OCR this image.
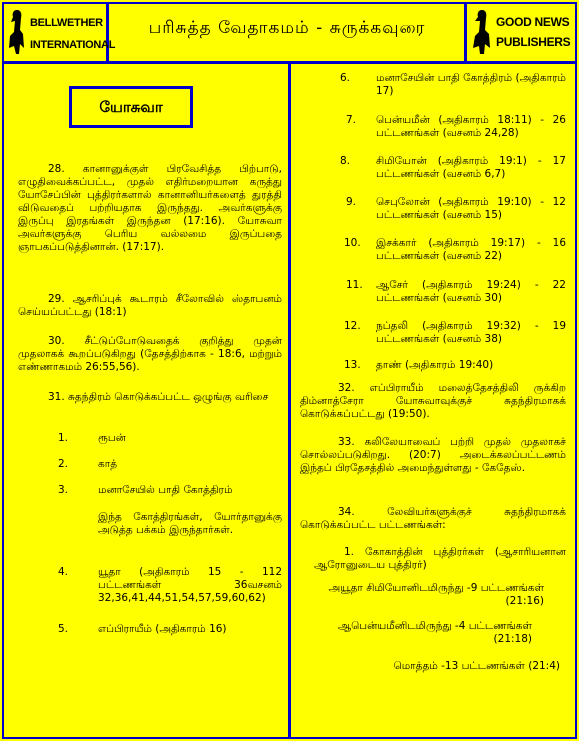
BELLWETHER
INTERNATIONAL
பரிசுத்த வேதாகமம் - சுருக்கவுரை	GOOD NEWS
PUBLISHERS
யோசுவா
28. கானானுக்குள் பிரவேசித்த பிற்பாடு, எழுதிவைக்கப்பட்ட, முதல் எதிர்மறையான கருத்து யோசேப்பின் புத்திரர்களால் கானானியர்களைத் துரத்தி விடுவதைப் பற்றியதாக இருந்தது. அவர்களுக்கு இருப்பு இரதங்கள் இருந்தன (17:16). யோசுவா அவர்களுக்கு பெரிய வல்லமை இருப்பதை ஞாபகப்படுத்தினான். (17:17).
29. ஆசரிப்புக் கூடாரம் சீலோவில் ஸ்தாபனம் செய்யப்பட்டது (18:1)
30. சீட்டுப்போடுவதைக் குறித்து முதன் முதலாகக் கூறப்படுகிறது (தேசத்திற்காக - 18:6, மற்றும் எண்ணாகமம் 26:55,56).
31. சுதந்திரம் கொடுக்கப்பட்ட ஒழுங்கு வரிசை
1.	ரூபன்
2.	காத்
3.	மனாசேயில் பாதி கோத்திரம்
இந்த கோத்திரங்கள், யோர்தானுக்கு அடுத்த பக்கம் இருந்தார்கள்.
4.	யூதா (அதிகாரம் 15 - 112 பட்டணங்கள் 36வசனம் 32,36,41,44,51,54,57,59,60,62)
5.	எப்பிராயீம் (அதிகாரம் 16)
6. மனாசேயின் பாதி கோத்திரம் (அதிகாரம் 17)
7. பென்யமீன் (அதிகாரம் 18:11) - 26 பட்டணங்கள் (வசனம் 24,28)
8. சிமியோன் (அதிகாரம் 19:1) - 17 பட்டணங்கள் (வசனம் 6,7)
9. செபுலோன் (அதிகாரம் 19:10) - 12 பட்டணங்கள் (வசனம் 15)
10. இசக்கார் (அதிகாரம் 19:17) - 16 பட்டணங்கள் (வசனம் 22)
11. ஆசேர் (அதிகாரம் 19:24) - 22 பட்டணங்கள் (வசனம் 30)
12. நப்தலி (அதிகாரம் 19:32) - 19 பட்டணங்கள் (வசனம் 38)
13. தாண் (அதிகாரம் 19:40)
32. எப்பிராயீம் மலைத்தேசத்திலி ருக்கிற திம்னாத்சேரா யோசுவாவுக்குச் சுதந்திரமாகக் கொடுக்கப்பட்டது (19:50).
33. கலிலேயாவைப் பற்றி முதல் முதலாகச் சொல்லப்படுகிறது. (20:7) அடைக்கலப்பட்டணம் இந்தப் பிரதேசத்தில் அமைந்துள்ளது - கேதேஸ்.
34. லேவியர்களுக்குச் சுதந்திரமாகக் கொடுக்கப்பட்ட பட்டணங்கள்:
1. கோகாத்தின் புத்திரர்கள் (ஆசாரியனான ஆரோனுடைய புத்திரர்)
அயூதா சிமியோனிடமிருந்து -9 பட்டணங்கள் (21:16)
ஆபென்யமீனிடமிருந்து -4 பட்டணங்கள் (21:18)
மொத்தம் -13 பட்டணங்கள் (21:4)
